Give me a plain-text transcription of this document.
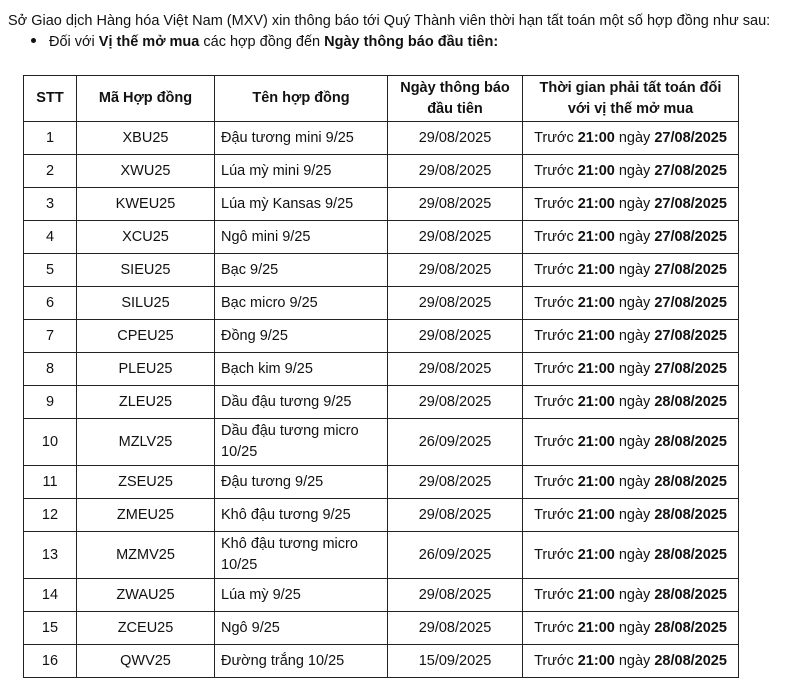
Sở Giao dịch Hàng hóa Việt Nam (MXV) xin thông báo tới Quý Thành viên thời hạn tất toán một số hợp đồng như sau:
Đối với Vị thế mở mua các hợp đồng đến Ngày thông báo đầu tiên:
STT	Mã Hợp đồng	Tên hợp đồng	Ngày thông báo đầu tiên	Thời gian phải tất toán đối với vị thế mở mua
1	XBU25	Đậu tương mini 9/25	29/08/2025	Trước 21:00 ngày 27/08/2025
2	XWU25	Lúa mỳ mini 9/25	29/08/2025	Trước 21:00 ngày 27/08/2025
3	KWEU25	Lúa mỳ Kansas 9/25	29/08/2025	Trước 21:00 ngày 27/08/2025
4	XCU25	Ngô mini 9/25	29/08/2025	Trước 21:00 ngày 27/08/2025
5	SIEU25	Bạc 9/25	29/08/2025	Trước 21:00 ngày 27/08/2025
6	SILU25	Bạc micro 9/25	29/08/2025	Trước 21:00 ngày 27/08/2025
7	CPEU25	Đồng 9/25	29/08/2025	Trước 21:00 ngày 27/08/2025
8	PLEU25	Bạch kim 9/25	29/08/2025	Trước 21:00 ngày 27/08/2025
9	ZLEU25	Dầu đậu tương 9/25	29/08/2025	Trước 21:00 ngày 28/08/2025
10	MZLV25	Dầu đậu tương micro 10/25	26/09/2025	Trước 21:00 ngày 28/08/2025
11	ZSEU25	Đậu tương 9/25	29/08/2025	Trước 21:00 ngày 28/08/2025
12	ZMEU25	Khô đậu tương 9/25	29/08/2025	Trước 21:00 ngày 28/08/2025
13	MZMV25	Khô đậu tương micro 10/25	26/09/2025	Trước 21:00 ngày 28/08/2025
14	ZWAU25	Lúa mỳ 9/25	29/08/2025	Trước 21:00 ngày 28/08/2025
15	ZCEU25	Ngô 9/25	29/08/2025	Trước 21:00 ngày 28/08/2025
16	QWV25	Đường trắng 10/25	15/09/2025	Trước 21:00 ngày 28/08/2025
